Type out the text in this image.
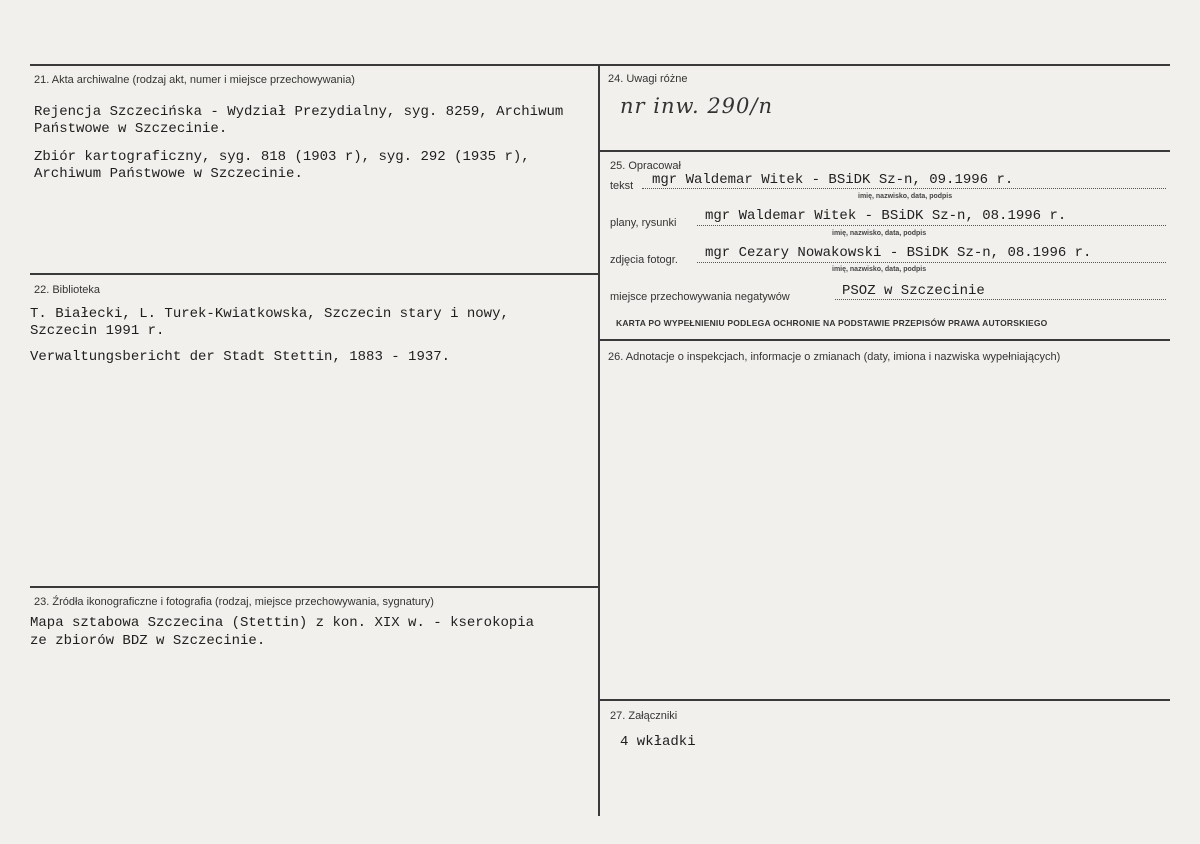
21. Akta archiwalne (rodzaj akt, numer i miejsce przechowywania)
Rejencja Szczecińska - Wydział Prezydialny, syg. 8259, Archiwum
Państwowe w Szczecinie.
Zbiór kartograficzny, syg. 818 (1903 r), syg. 292 (1935 r),
Archiwum Państwowe w Szczecinie.
22. Biblioteka
T. Białecki, L. Turek-Kwiatkowska, Szczecin stary i nowy,
Szczecin 1991 r.
Verwaltungsbericht der Stadt Stettin, 1883 - 1937.
23. Źródła ikonograficzne i fotografia (rodzaj, miejsce przechowywania, sygnatury)
Mapa sztabowa Szczecina (Stettin) z kon. XIX w. - kserokopia
ze zbiorów BDZ w Szczecinie.
24. Uwagi różne
nr inw. 290/n
25. Opracował
tekst mgr Waldemar Witek - BSiDK Sz-n, 09.1996 r.
imię, nazwisko, data, podpis
plany, rysunki mgr Waldemar Witek - BSiDK Sz-n, 08.1996 r.
imię, nazwisko, data, podpis
zdjęcia fotogr. mgr Cezary Nowakowski - BSiDK Sz-n, 08.1996 r.
imię, nazwisko, data, podpis
miejsce przechowywania negatywów	PSOZ w Szczecinie
KARTA PO WYPEŁNIENIU PODLEGA OCHRONIE NA PODSTAWIE PRZEPISÓW PRAWA AUTORSKIEGO
26. Adnotacje o inspekcjach, informacje o zmianach (daty, imiona i nazwiska wypełniających)
27. Załączniki
4 wkładki
